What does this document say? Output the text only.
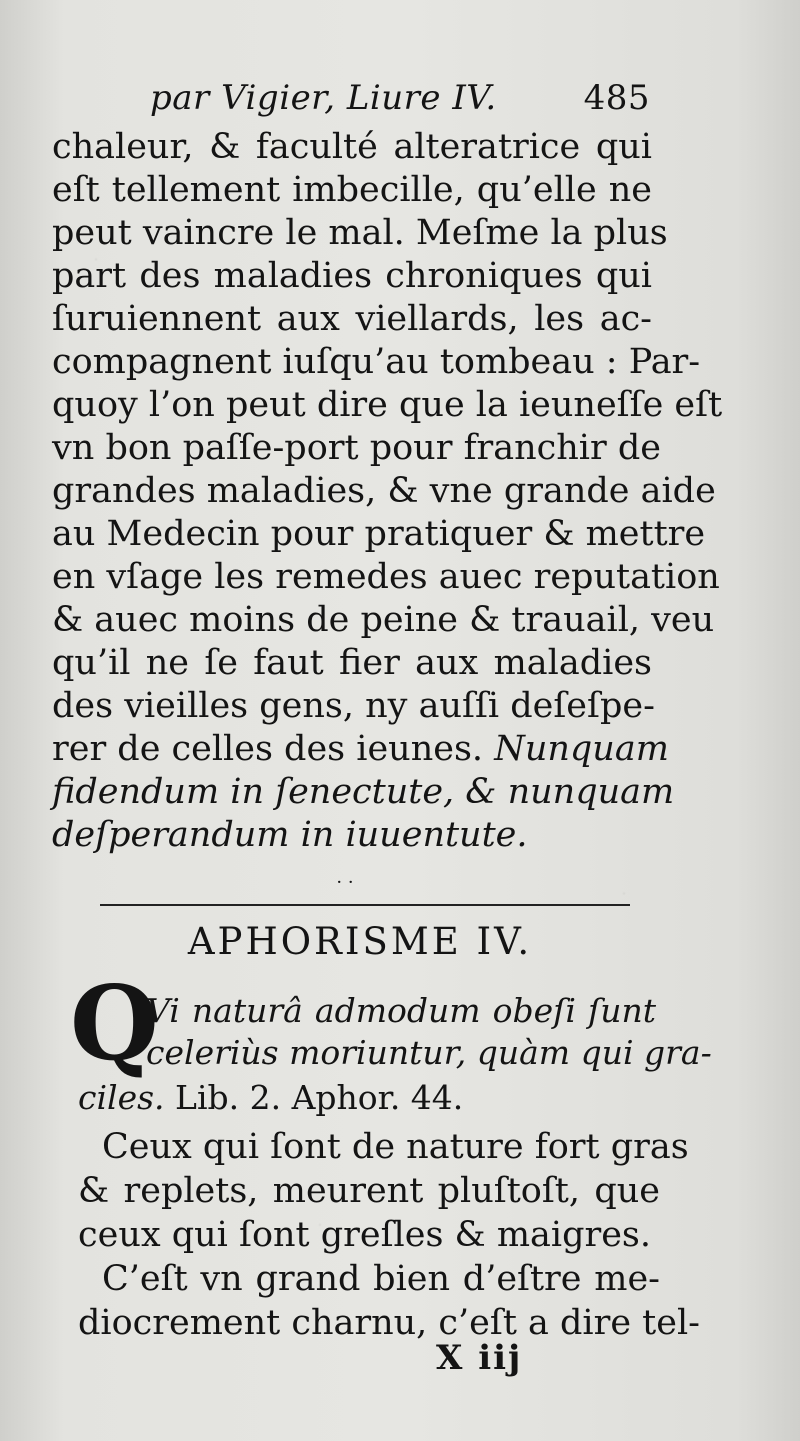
par Vigier, Liure IV.	485
chaleur, & faculté alteratrice qui
eſt tellement imbecille, qu’elle ne
peut vaincre le mal. Meſme la plus
part des maladies chroniques qui
ſuruiennent aux viellards, les ac-
compagnent iuſqu’au tombeau : Par-
quoy l’on peut dire que la ieuneſſe eſt
vn bon paſſe-port pour franchir de
grandes maladies, & vne grande aide
au Medecin pour pratiquer & mettre
en vſage les remedes auec reputation
& auec moins de peine & trauail, veu
qu’il ne ſe faut fier aux maladies
des vieilles gens, ny auſſi deſeſpe-
rer de celles des ieunes. Nunquam
fidendum in ſenectute, & nunquam
deſperandum in iuuentute.
· ·
APHORISME IV.
Q
Vi naturâ admodum obeſi ſunt
celeriùs moriuntur, quàm qui gra-
ciles. Lib. 2. Aphor. 44.
Ceux qui ſont de nature fort gras
& replets, meurent pluſtoſt, que
ceux qui ſont greſles & maigres.
C’eſt vn grand bien d’eſtre me-
diocrement charnu, c’eſt a dire tel-
X iij
